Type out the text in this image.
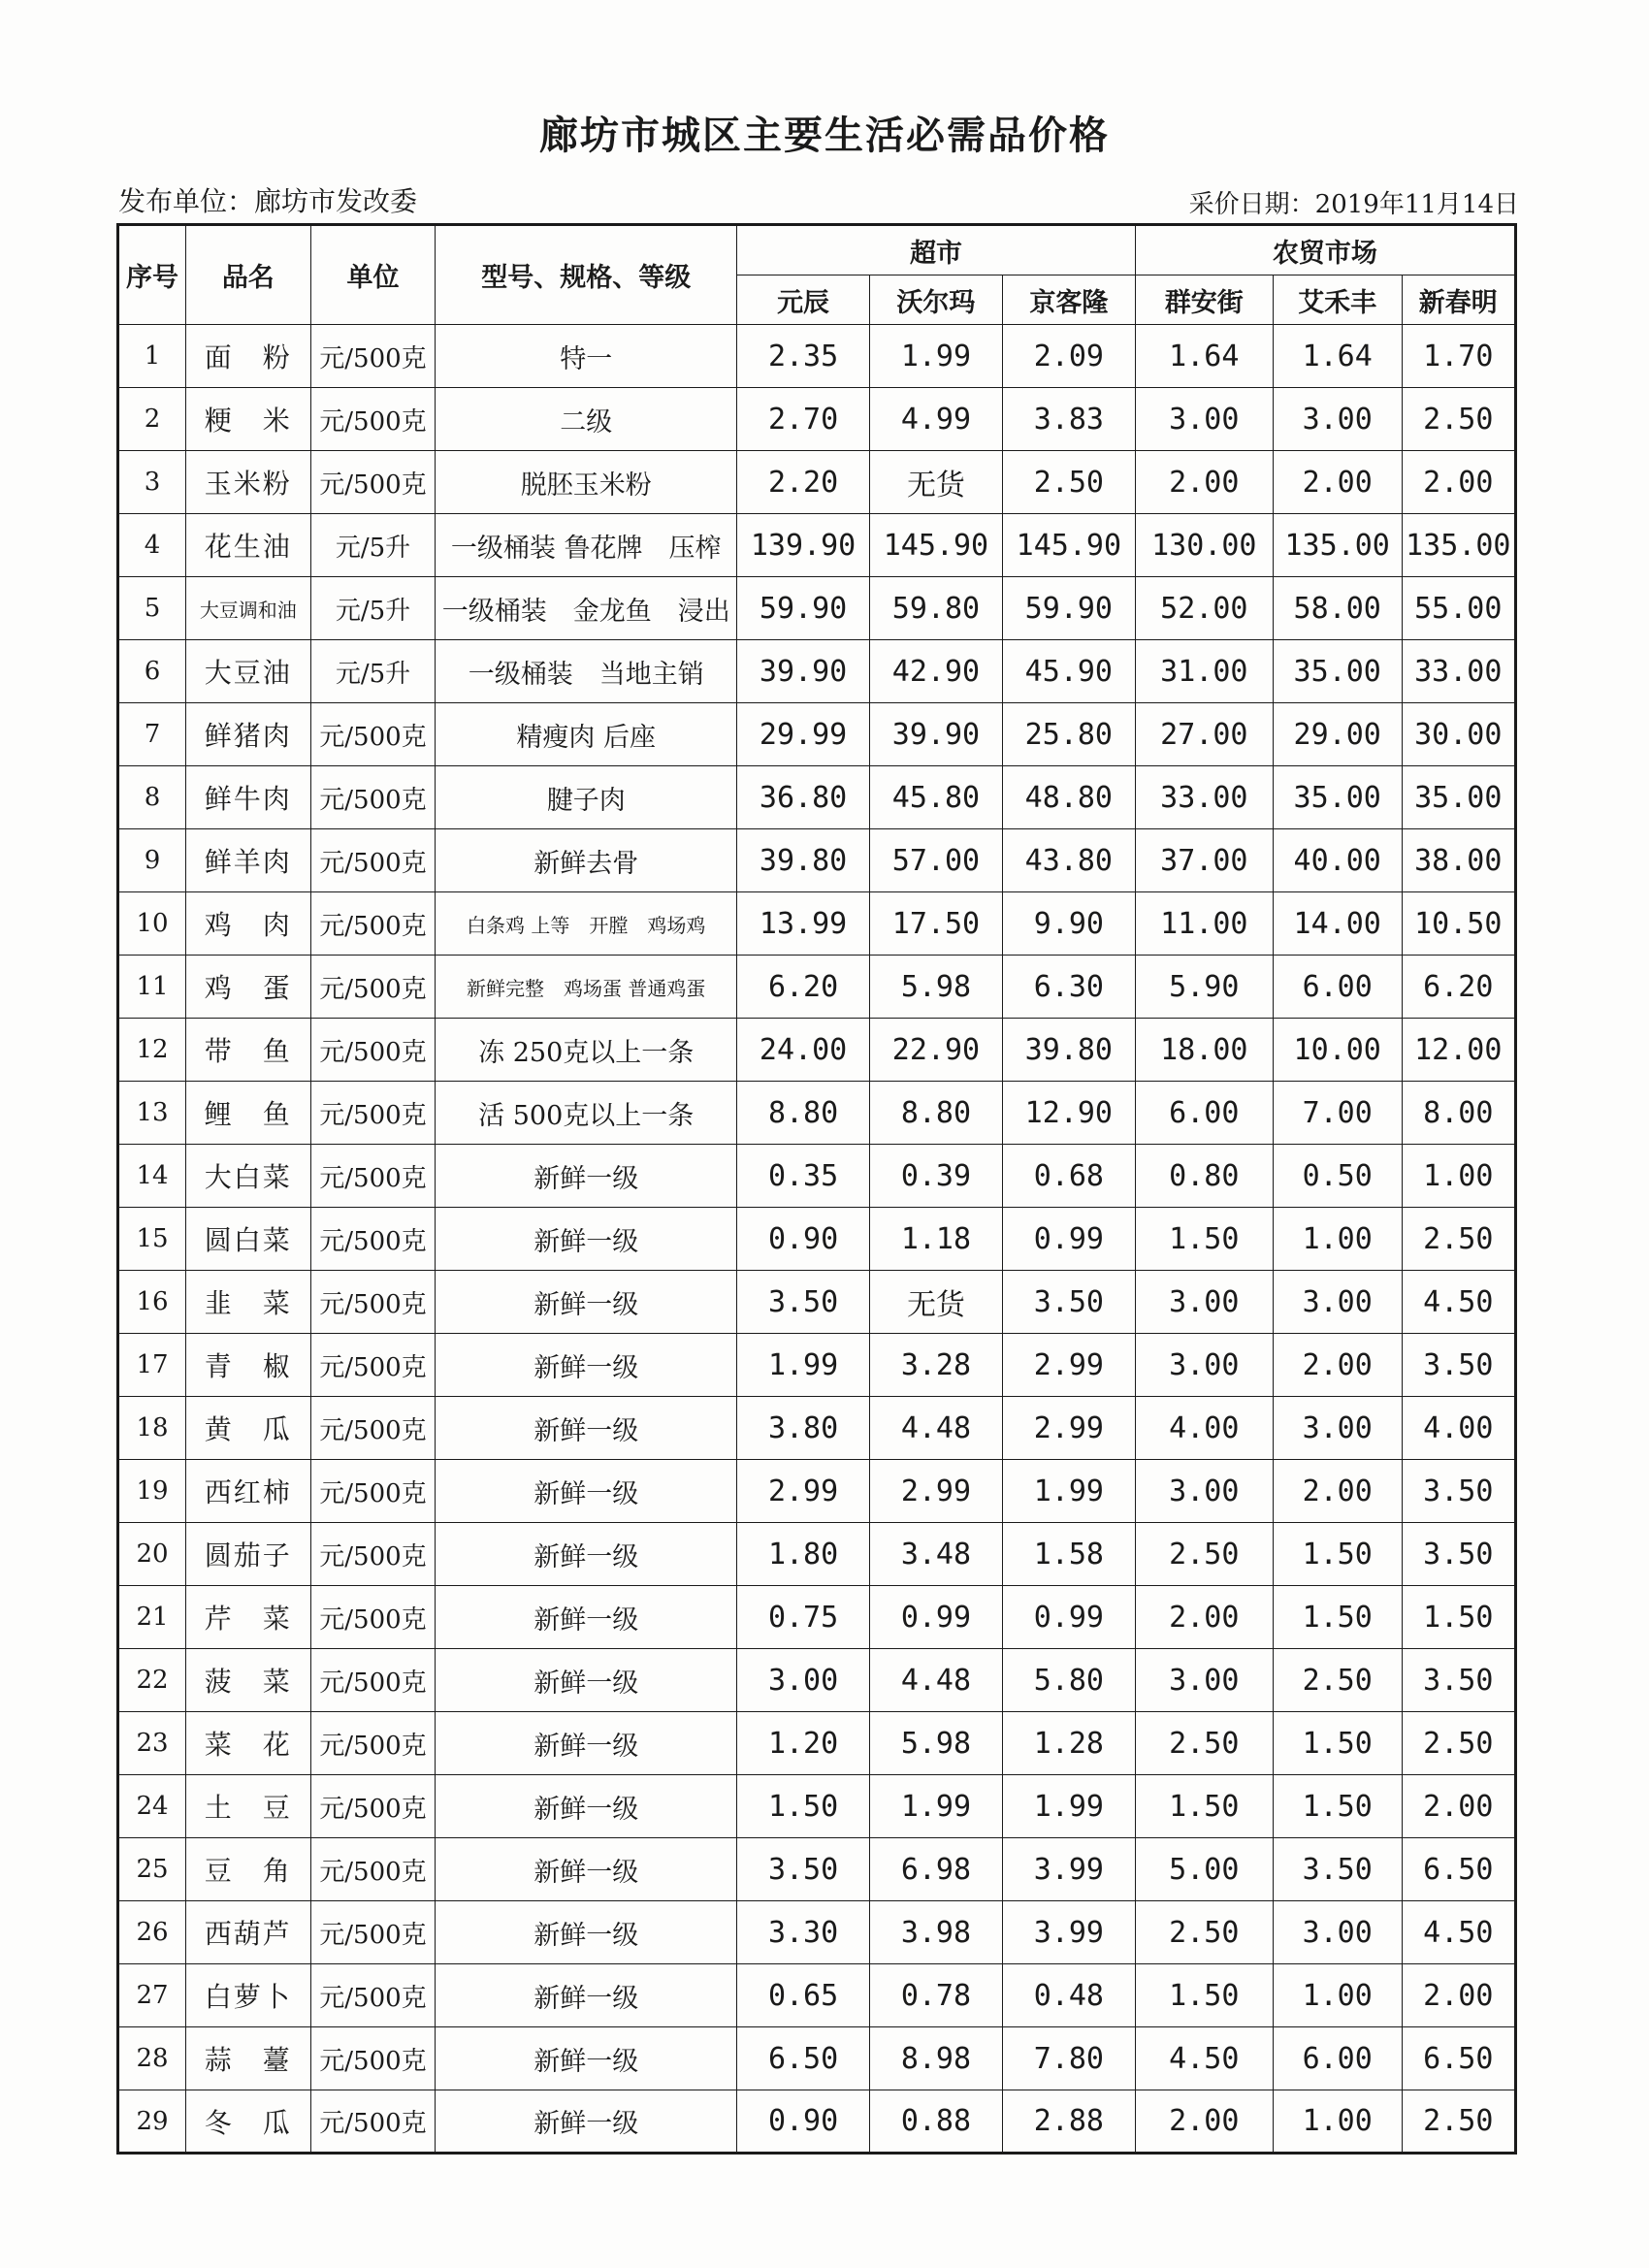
廊坊市城区主要生活必需品价格
发布单位：廊坊市发改委	采价日期：2019年11月14日
序号	品名	单位	型号、规格、等级	超市			农贸市场		
				元辰	沃尔玛	京客隆	群安街	艾禾丰	新春明
1	面　粉	元/500克	特一	2.35	1.99	2.09	1.64	1.64	1.70
2	粳　米	元/500克	二级	2.70	4.99	3.83	3.00	3.00	2.50
3	玉米粉	元/500克	脱胚玉米粉	2.20	无货	2.50	2.00	2.00	2.00
4	花生油	元/5升	一级桶装 鲁花牌　压榨	139.90	145.90	145.90	130.00	135.00	135.00
5	大豆调和油	元/5升	一级桶装　金龙鱼　浸出	59.90	59.80	59.90	52.00	58.00	55.00
6	大豆油	元/5升	一级桶装　当地主销	39.90	42.90	45.90	31.00	35.00	33.00
7	鲜猪肉	元/500克	精瘦肉 后座	29.99	39.90	25.80	27.00	29.00	30.00
8	鲜牛肉	元/500克	腱子肉	36.80	45.80	48.80	33.00	35.00	35.00
9	鲜羊肉	元/500克	新鲜去骨	39.80	57.00	43.80	37.00	40.00	38.00
10	鸡　肉	元/500克	白条鸡 上等　开膛　鸡场鸡	13.99	17.50	9.90	11.00	14.00	10.50
11	鸡　蛋	元/500克	新鲜完整　鸡场蛋 普通鸡蛋	6.20	5.98	6.30	5.90	6.00	6.20
12	带　鱼	元/500克	冻 250克以上一条	24.00	22.90	39.80	18.00	10.00	12.00
13	鲤　鱼	元/500克	活 500克以上一条	8.80	8.80	12.90	6.00	7.00	8.00
14	大白菜	元/500克	新鲜一级	0.35	0.39	0.68	0.80	0.50	1.00
15	圆白菜	元/500克	新鲜一级	0.90	1.18	0.99	1.50	1.00	2.50
16	韭　菜	元/500克	新鲜一级	3.50	无货	3.50	3.00	3.00	4.50
17	青　椒	元/500克	新鲜一级	1.99	3.28	2.99	3.00	2.00	3.50
18	黄　瓜	元/500克	新鲜一级	3.80	4.48	2.99	4.00	3.00	4.00
19	西红柿	元/500克	新鲜一级	2.99	2.99	1.99	3.00	2.00	3.50
20	圆茄子	元/500克	新鲜一级	1.80	3.48	1.58	2.50	1.50	3.50
21	芹　菜	元/500克	新鲜一级	0.75	0.99	0.99	2.00	1.50	1.50
22	菠　菜	元/500克	新鲜一级	3.00	4.48	5.80	3.00	2.50	3.50
23	菜　花	元/500克	新鲜一级	1.20	5.98	1.28	2.50	1.50	2.50
24	土　豆	元/500克	新鲜一级	1.50	1.99	1.99	1.50	1.50	2.00
25	豆　角	元/500克	新鲜一级	3.50	6.98	3.99	5.00	3.50	6.50
26	西葫芦	元/500克	新鲜一级	3.30	3.98	3.99	2.50	3.00	4.50
27	白萝卜	元/500克	新鲜一级	0.65	0.78	0.48	1.50	1.00	2.00
28	蒜　薹	元/500克	新鲜一级	6.50	8.98	7.80	4.50	6.00	6.50
29	冬　瓜	元/500克	新鲜一级	0.90	0.88	2.88	2.00	1.00	2.50
